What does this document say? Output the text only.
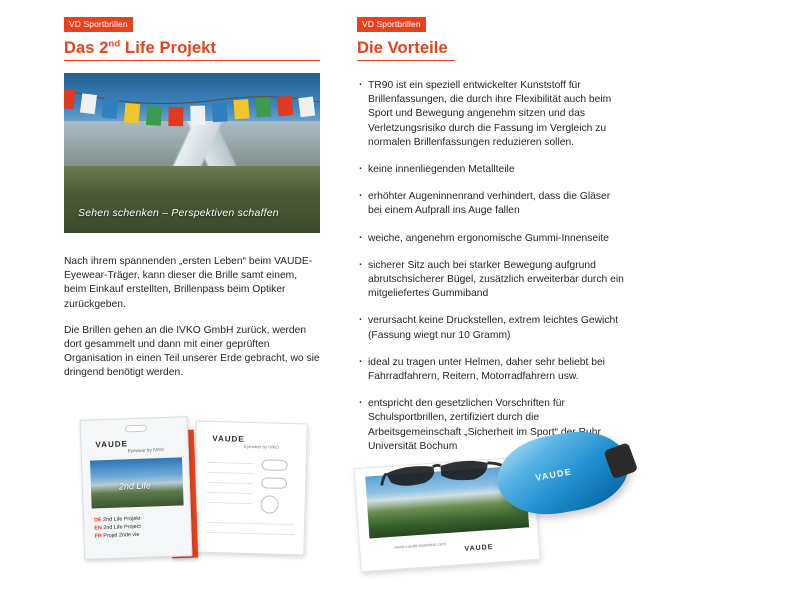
VD Sportbrillen
Das 2nd Life Projekt
Sehen schenken – Perspektiven schaffen

Nach ihrem spannenden „ersten Leben“ beim VAUDE-Eyewear-Träger, kann dieser die Brille samt einem, beim Einkauf erstellten, Brillenpass beim Optiker zurückgeben.

Die Brillen gehen an die IVKO GmbH zurück, werden dort gesammelt und dann mit einer geprüften Organisation in einen Teil unserer Erde gebracht, wo sie dringend benötigt werden.

VD Sportbrillen
Die Vorteile
· TR90 ist ein speziell entwickelter Kunststoff für Brillenfassungen, die durch ihre Flexibilität auch beim Sport und Bewegung angenehm sitzen und das Verletzungsrisiko durch die Fassung im Vergleich zu normalen Brillenfassungen reduzieren sollen.
· keine innenliegenden Metallteile
· erhöhter Augeninnenrand verhindert, dass die Gläser bei einem Aufprall ins Auge fallen
· weiche, angenehm ergonomische Gummi-Innenseite
· sicherer Sitz auch bei starker Bewegung aufgrund abrutschsicherer Bügel, zusätzlich erweiterbar durch ein mitgeliefertes Gummiband
· verursacht keine Druckstellen, extrem leichtes Gewicht (Fassung wiegt nur 10 Gramm)
· ideal zu tragen unter Helmen, daher sehr beliebt bei Fahrradfahrern, Reitern, Motorradfahrern usw.
· entspricht den gesetzlichen Vorschriften für Schulsportbrillen, zertifiziert durch die Arbeitsgemeinschaft „Sicherheit im Sport“ der Ruhr Universität Bochum
VAUDE
Eyewear by IVKO
VAUDE
Eyewear by IVKO
2nd Life
DE 2nd Life Projekt
EN 2nd Life Project
FR Projet 2nde vie
www.vaude-eyewear.com	VAUDE
VAUDE
